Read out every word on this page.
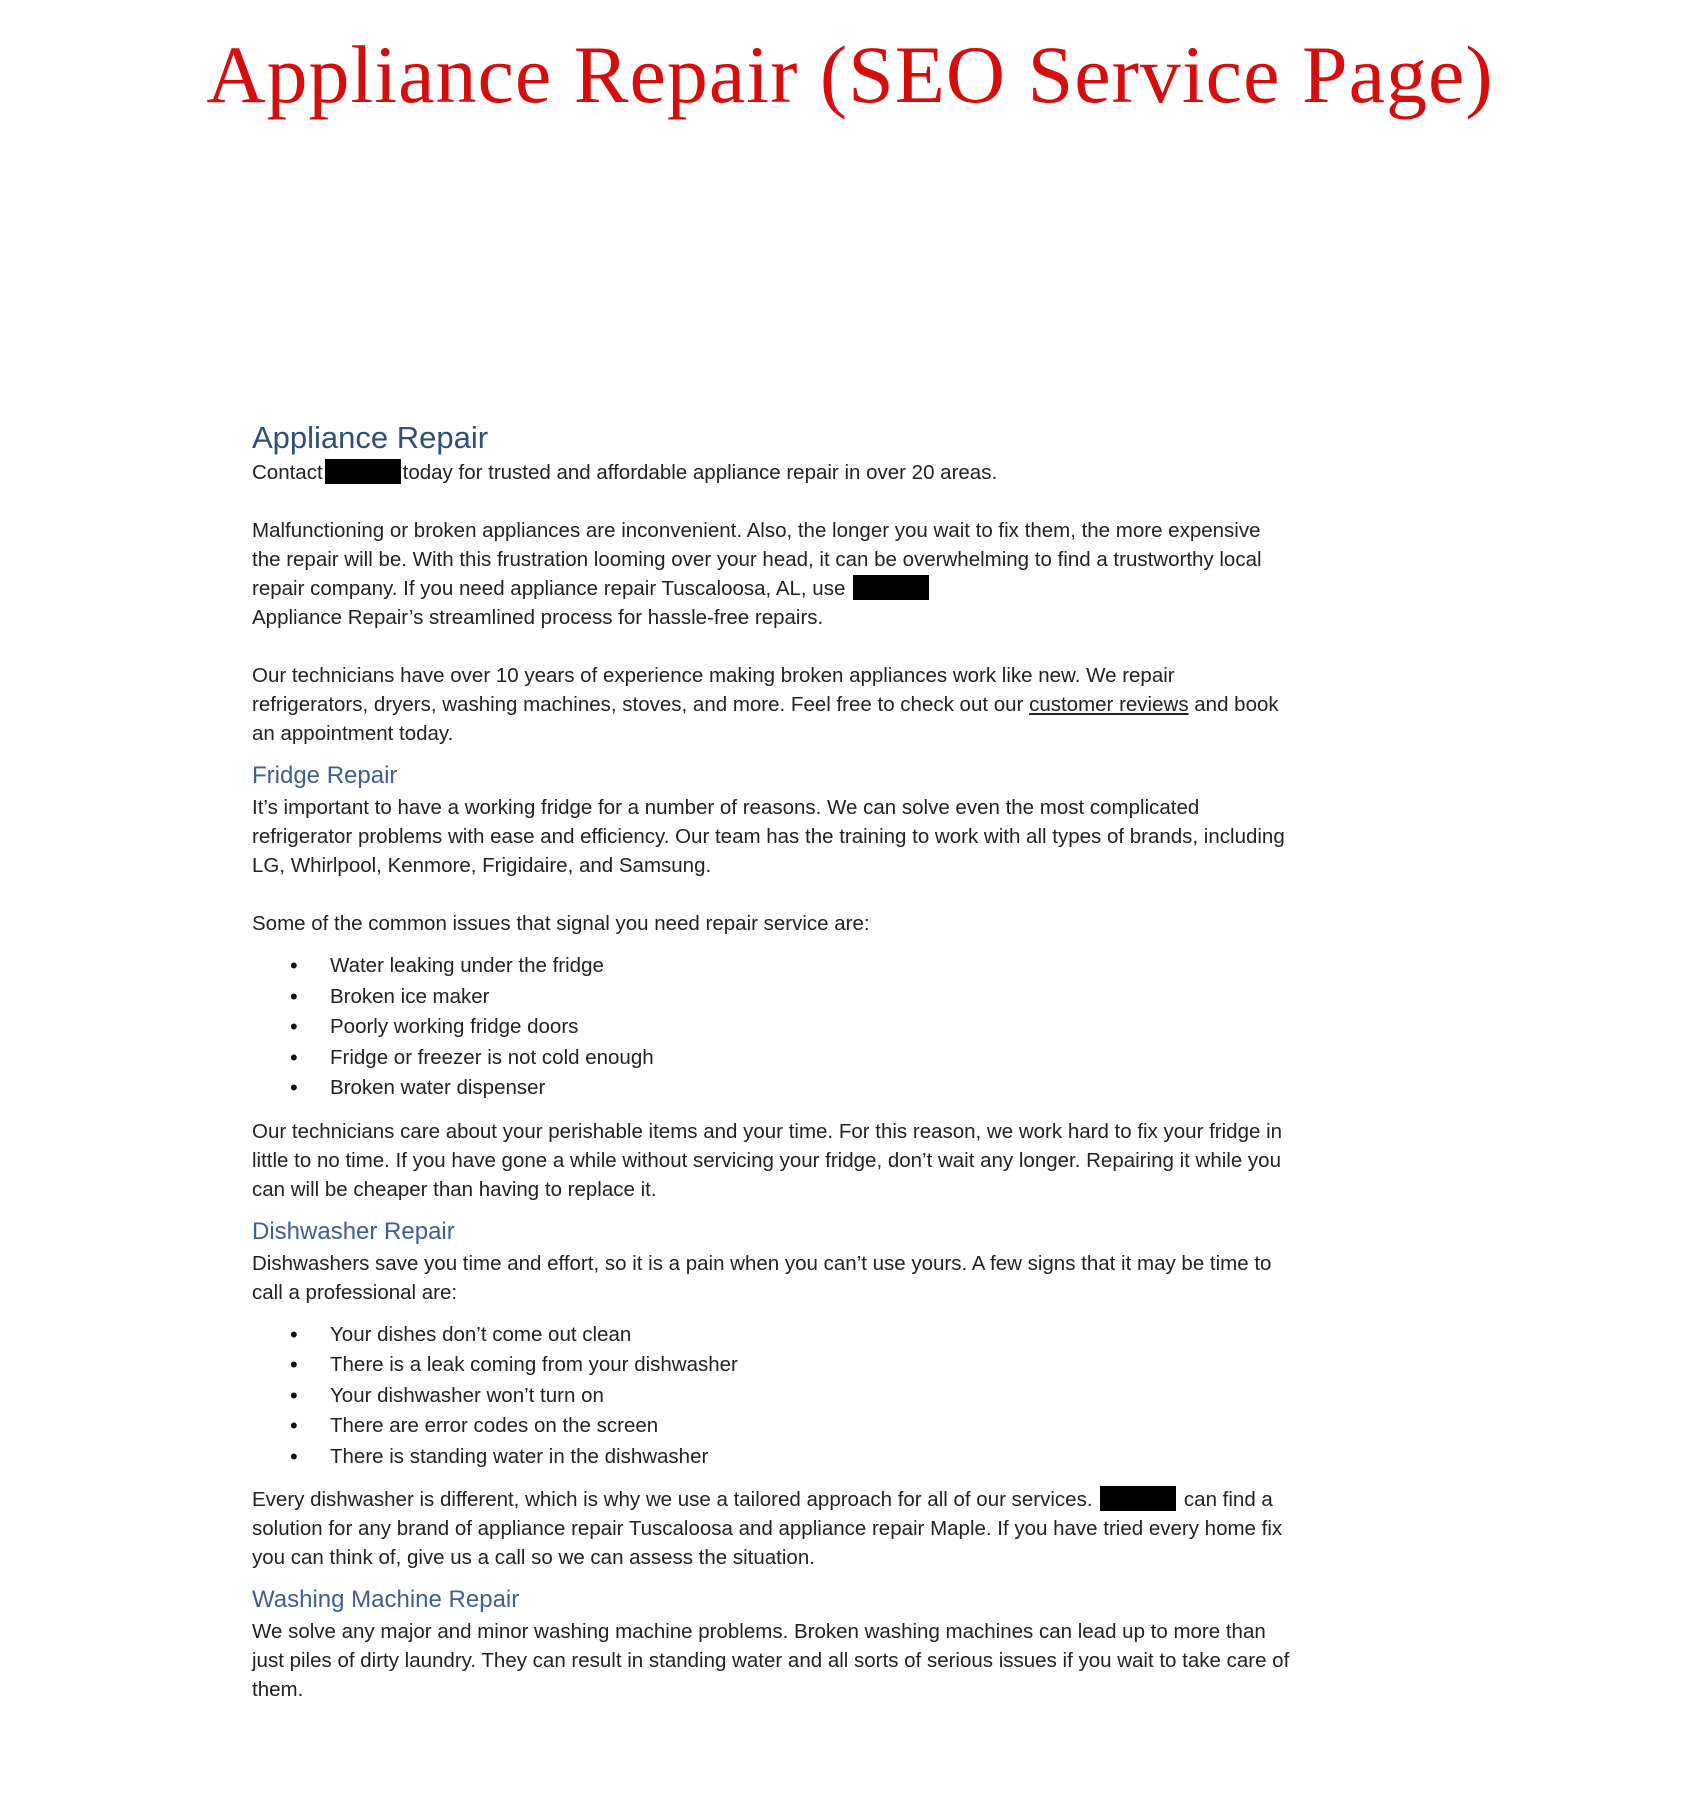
Appliance Repair (SEO Service Page)
Appliance Repair

Contact	today for trusted and affordable appliance repair in over 20 areas.

Malfunctioning or broken appliances are inconvenient. Also, the longer you wait to fix them, the more expensive the repair will be. With this frustration looming over your head, it can be overwhelming to find a trustworthy local repair company. If you need appliance repair Tuscaloosa, AL, use
Appliance Repair’s streamlined process for hassle-free repairs.

Our technicians have over 10 years of experience making broken appliances work like new. We repair refrigerators, dryers, washing machines, stoves, and more. Feel free to check out our customer reviews and book an appointment today.

Fridge Repair

It’s important to have a working fridge for a number of reasons. We can solve even the most complicated refrigerator problems with ease and efficiency. Our team has the training to work with all types of brands, including LG, Whirlpool, Kenmore, Frigidaire, and Samsung.

Some of the common issues that signal you need repair service are:

• Water leaking under the fridge
• Broken ice maker
• Poorly working fridge doors
• Fridge or freezer is not cold enough
• Broken water dispenser

Our technicians care about your perishable items and your time. For this reason, we work hard to fix your fridge in little to no time. If you have gone a while without servicing your fridge, don’t wait any longer. Repairing it while you can will be cheaper than having to replace it.

Dishwasher Repair

Dishwashers save you time and effort, so it is a pain when you can’t use yours. A few signs that it may be time to call a professional are:

• Your dishes don’t come out clean
• There is a leak coming from your dishwasher
• Your dishwasher won’t turn on
• There are error codes on the screen
• There is standing water in the dishwasher

Every dishwasher is different, which is why we use a tailored approach for all of our services.	can find a solution for any brand of appliance repair Tuscaloosa and appliance repair Maple. If you have tried every home fix you can think of, give us a call so we can assess the situation.

Washing Machine Repair

We solve any major and minor washing machine problems. Broken washing machines can lead up to more than just piles of dirty laundry. They can result in standing water and all sorts of serious issues if you wait to take care of them.
